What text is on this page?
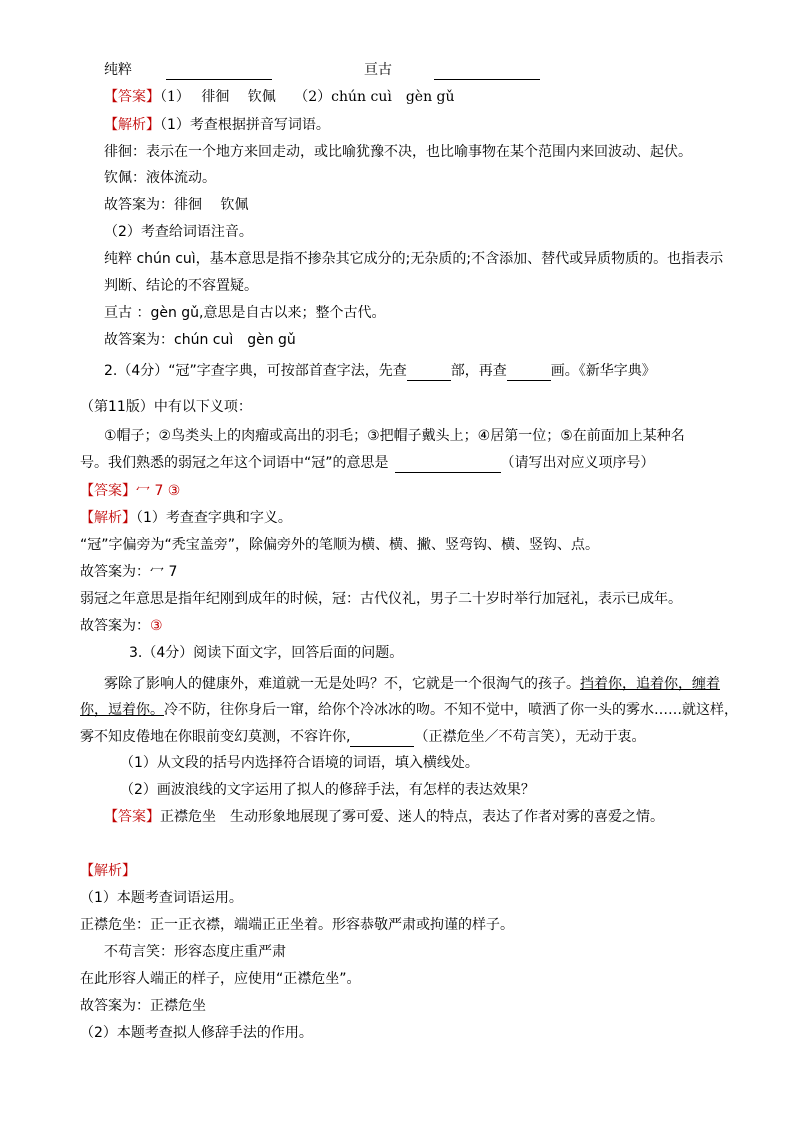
纯粹	亘古
【答案】（1）　 徘徊　 钦佩　 （2）chún cuì　gèn gǔ
【解析】（1）考查根据拼音写词语。
徘徊：表示在一个地方来回走动，或比喻犹豫不决，也比喻事物在某个范围内来回波动、起伏。
钦佩：液体流动。
故答案为：徘徊　 钦佩
（2）考查给词语注音。
纯粹 chún cuì，基本意思是指不掺杂其它成分的;无杂质的;不含添加、替代或异质物质的。也指表示
判断、结论的不容置疑。
亘古 ：gèn gǔ,意思是自古以来；整个古代。
故答案为：chún cuì　gèn gǔ
2.（4分）“冠”字查字典，可按部首查字法，先查	部，再查	画。《新华字典》
（第11版）中有以下义项：
①帽子；②鸟类头上的肉瘤或高出的羽毛；③把帽子戴头上；④居第一位；⑤在前面加上某种名
号。我们熟悉的弱冠之年这个词语中“冠”的意思是	（请写出对应义项序号）
【答案】冖 7 ③
【解析】（1）考查查字典和字义。
“冠”字偏旁为“秃宝盖旁”，除偏旁外的笔顺为横、横、撇、竖弯钩、横、竖钩、点。
故答案为：冖 7
弱冠之年意思是指年纪刚到成年的时候，冠：古代仪礼，男子二十岁时举行加冠礼，表示已成年。
故答案为：③
3.（4分）阅读下面文字，回答后面的问题。
雾除了影响人的健康外，难道就一无是处吗？不，它就是一个很淘气的孩子。挡着你，追着你，缠着
你，逗着你。冷不防，往你身后一窜，给你个冷冰冰的吻。不知不觉中，喷洒了你一头的雾水……就这样，
雾不知皮倦地在你眼前变幻莫测，不容许你,	（正襟危坐／不苟言笑），无动于衷。
（1）从文段的括号内选择符合语境的词语，填入横线处。
（2）画波浪线的文字运用了拟人的修辞手法，有怎样的表达效果？
【答案】正襟危坐　生动形象地展现了雾可爱、迷人的特点，表达了作者对雾的喜爱之情。
【解析】
（1）本题考查词语运用。
正襟危坐：正一正衣襟，端端正正坐着。形容恭敬严肃或拘谨的样子。
不苟言笑：形容态度庄重严肃
在此形容人端正的样子，应使用“正襟危坐”。
故答案为：正襟危坐
（2）本题考查拟人修辞手法的作用。
